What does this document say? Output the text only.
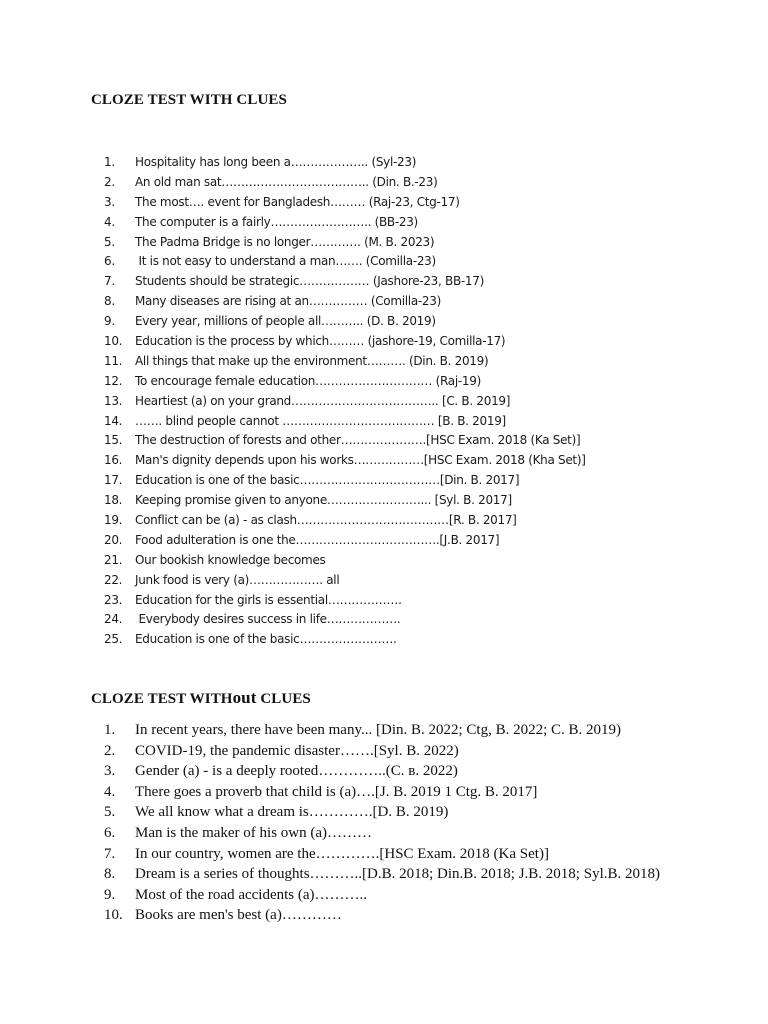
CLOZE TEST WITH CLUES
1.	Hospitality has long been a……………….. (Syl-23)
2.	An old man sat……………………………….. (Din. B.-23)
3.	The most…. event for Bangladesh……… (Raj-23, Ctg-17)
4.	The computer is a fairly…………………….. (BB-23)
5.	The Padma Bridge is no longer…………. (M. B. 2023)
6.	It is not easy to understand a man……. (Comilla-23)
7.	Students should be strategic……………… (Jashore-23, BB-17)
8.	Many diseases are rising at an…………… (Comilla-23)
9.	Every year, millions of people all……….. (D. B. 2019)
10.	Education is the process by which……… (jashore-19, Comilla-17)
11.	All things that make up the environment………. (Din. B. 2019)
12.	To encourage female education………………………… (Raj-19)
13.	Heartiest (a) on your grand……………………………….. [C. B. 2019]
14.	……. blind people cannot ………………………………… [B. B. 2019]
15.	The destruction of forests and other………………….[HSC Exam. 2018 (Ka Set)]
16.	Man's dignity depends upon his works………………[HSC Exam. 2018 (Kha Set)]
17.	Education is one of the basic………………………………[Din. B. 2017]
18.	Keeping promise given to anyone……………………... [Syl. B. 2017]
19.	Conflict can be (a) - as clash…………………………………[R. B. 2017]
20.	Food adulteration is one the……………………………….[J.B. 2017]
21.	Our bookish knowledge becomes
22.	Junk food is very (a)………………. all
23.	Education for the girls is essential……………….
24.	Everybody desires success in life……………….
25.	Education is one of the basic…………………….
CLOZE TEST WITHout CLUES
1.	In recent years, there have been many... [Din. B. 2022; Ctg, B. 2022; C. B. 2019)
2.	COVID-19, the pandemic disaster…….[Syl. B. 2022)
3.	Gender (a) - is a deeply rooted…………..(C. ʙ. 2022)
4.	There goes a proverb that child is (a)….[J. B. 2019 1 Ctg. B. 2017]
5.	We all know what a dream is………….[D. B. 2019)
6.	Man is the maker of his own (a)………
7.	In our country, women are the………….[HSC Exam. 2018 (Ka Set)]
8.	Dream is a series of thoughts………..[D.B. 2018; Din.B. 2018; J.B. 2018; Syl.B. 2018)
9.	Most of the road accidents (a)………..
10. Books are men's best (a)…………
